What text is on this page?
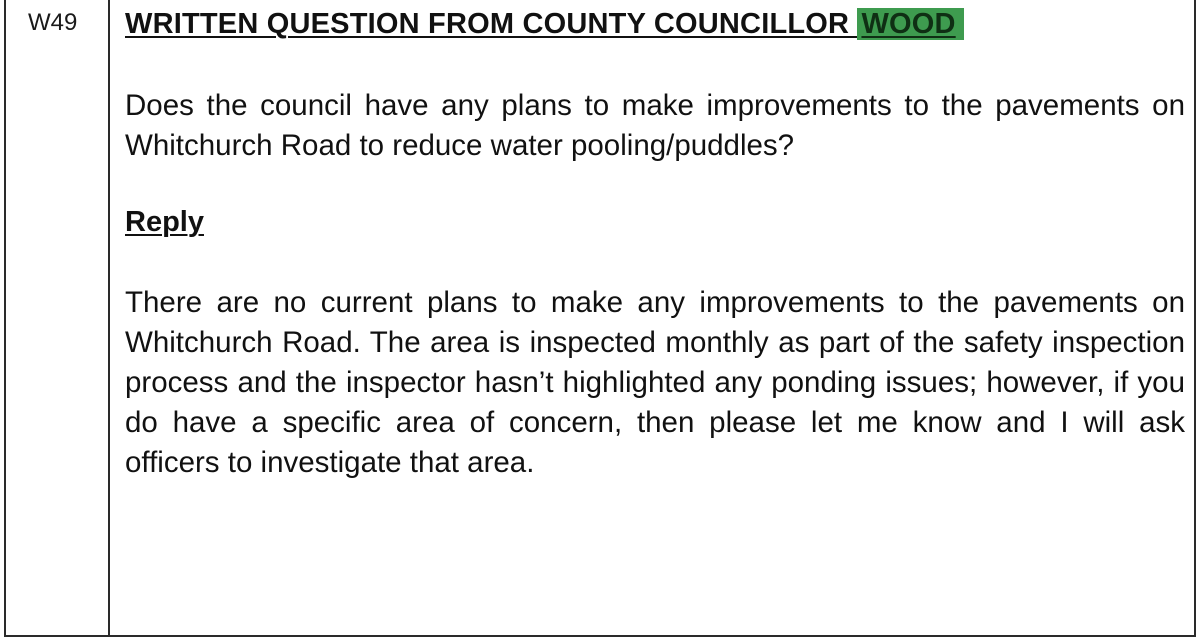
W49 WRITTEN QUESTION FROM COUNTY COUNCILLOR WOOD
Does the council have any plans to make improvements to the pavements on Whitchurch Road to reduce water pooling/puddles?
Reply
There are no current plans to make any improvements to the pavements on Whitchurch Road. The area is inspected monthly as part of the safety inspection process and the inspector hasn’t highlighted any ponding issues; however, if you do have a specific area of concern, then please let me know and I will ask officers to investigate that area.
